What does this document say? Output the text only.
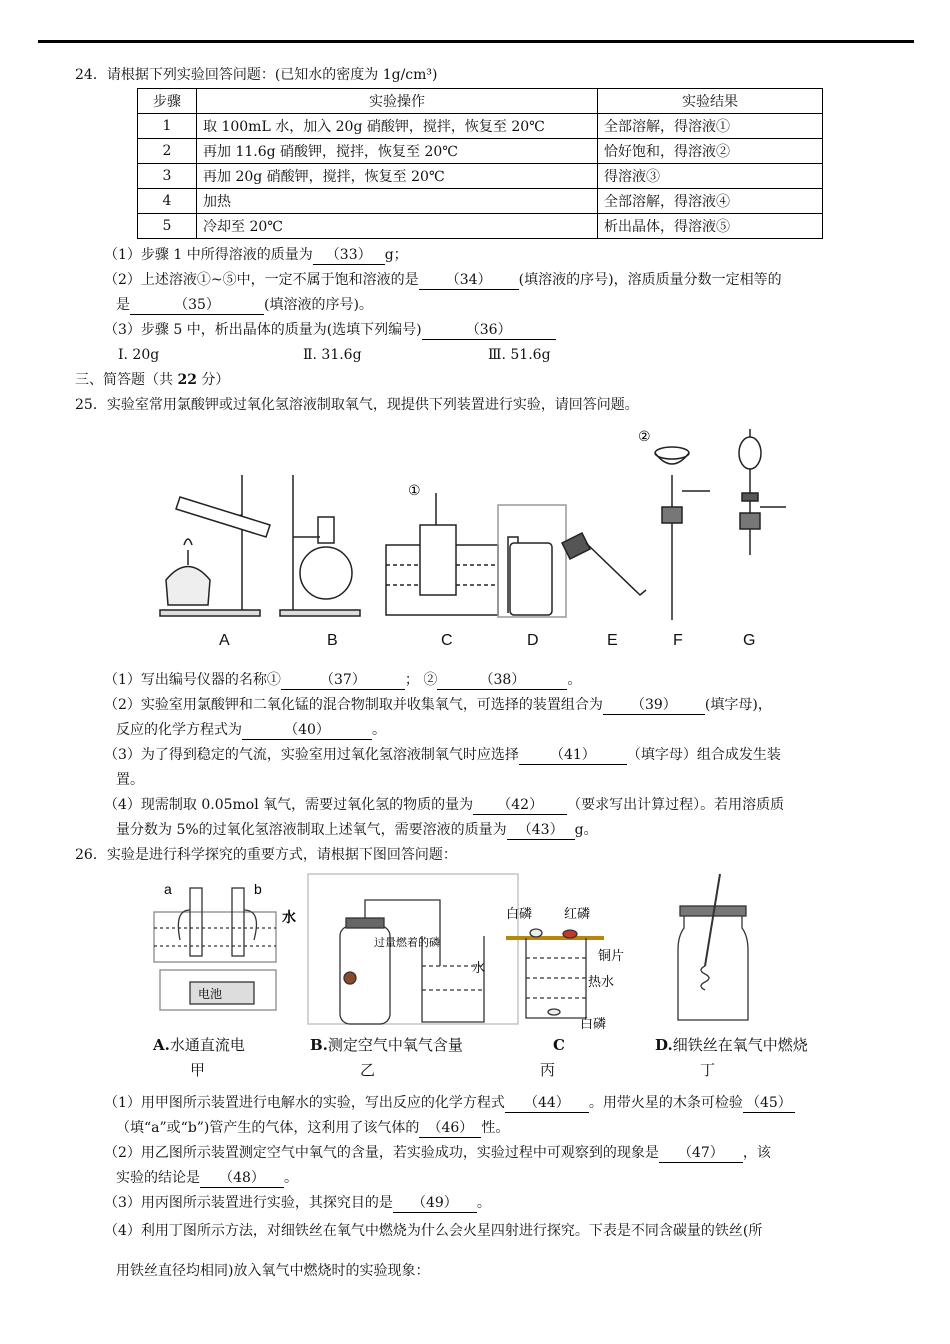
24．请根据下列实验回答问题：(已知水的密度为 1g/cm³)
步骤	实验操作	实验结果
1	取 100mL 水，加入 20g 硝酸钾，搅拌，恢复至 20℃	全部溶解，得溶液①
2	再加 11.6g 硝酸钾，搅拌，恢复至 20℃	恰好饱和，得溶液②
3	再加 20g 硝酸钾，搅拌，恢复至 20℃	得溶液③
4	加热	全部溶解，得溶液④
5	冷却至 20℃	析出晶体，得溶液⑤
（1）步骤 1 中所得溶液的质量为 （33） g；
（2）上述溶液①~⑤中，一定不属于饱和溶液的是 （34） (填溶液的序号)，溶质质量分数一定相等的
是	（35）	(填溶液的序号)。
（3）步骤 5 中，析出晶体的质量为(选填下列编号)	（36）
Ⅰ. 20g	Ⅱ. 31.6g	Ⅲ. 51.6g
三、简答题（共 22 分）
25．实验室常用氯酸钾或过氧化氢溶液制取氧气，现提供下列装置进行实验，请回答问题。
①
②
A	B	C	D	E	F	G
（1）写出编号仪器的名称①	（37）	； ②	（38）	。
（2）实验室用氯酸钾和二氧化锰的混合物制取并收集氧气，可选择的装置组合为 （39） (填字母)，
反应的化学方程式为	（40）	。
（3）为了得到稳定的气流，实验室用过氧化氢溶液制氧气时应选择 （41） （填字母）组合成发生装
置。
（4）现需制取 0.05mol 氧气，需要过氧化氢的物质的量为 （42） （要求写出计算过程）。若用溶质质
量分数为 5%的过氧化氢溶液制取上述氧气，需要溶液的质量为 （43） g。
26．实验是进行科学探究的重要方式，请根据下图回答问题：
a	b
水
电池
过量燃着的磷
水
白磷 红磷
铜片
热水
白磷
A.水通直流电	B.测定空气中氧气含量	C	D.细铁丝在氧气中燃烧
甲	乙	丙	丁
（1）用甲图所示装置进行电解水的实验，写出反应的化学方程式 （44） 。用带火星的木条可检验 （45）
（填“a”或“b”)管产生的气体，这利用了该气体的 （46） 性。
（2）用乙图所示装置测定空气中氧气的含量，若实验成功，实验过程中可观察到的现象是 （47） ，该
实验的结论是 （48） 。
（3）用丙图所示装置进行实验，其探究目的是 （49） 。
（4）利用丁图所示方法，对细铁丝在氧气中燃烧为什么会火星四射进行探究。下表是不同含碳量的铁丝(所
用铁丝直径均相同)放入氧气中燃烧时的实验现象：
